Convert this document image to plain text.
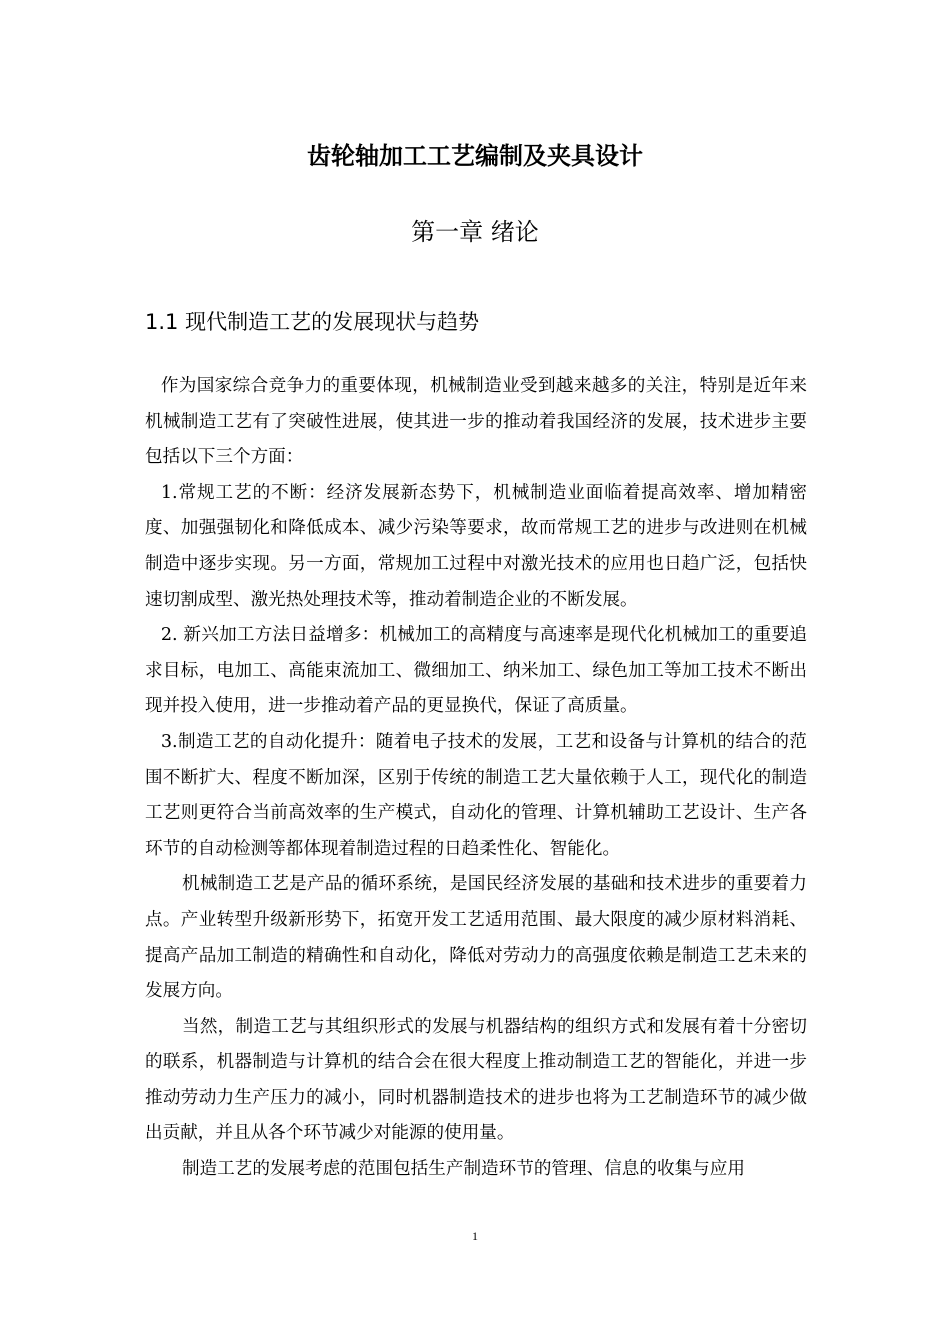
齿轮轴加工工艺编制及夹具设计
第一章 绪论
1.1 现代制造工艺的发展现状与趋势

作为国家综合竞争力的重要体现，机械制造业受到越来越多的关注，特别是近年来机械制造工艺有了突破性进展，使其进一步的推动着我国经济的发展，技术进步主要包括以下三个方面：

1.常规工艺的不断：经济发展新态势下，机械制造业面临着提高效率、增加精密度、加强强韧化和降低成本、减少污染等要求，故而常规工艺的进步与改进则在机械制造中逐步实现。另一方面，常规加工过程中对激光技术的应用也日趋广泛，包括快速切割成型、激光热处理技术等，推动着制造企业的不断发展。

2. 新兴加工方法日益增多：机械加工的高精度与高速率是现代化机械加工的重要追求目标，电加工、高能束流加工、微细加工、纳米加工、绿色加工等加工技术不断出现并投入使用，进一步推动着产品的更显换代，保证了高质量。

3.制造工艺的自动化提升：随着电子技术的发展，工艺和设备与计算机的结合的范围不断扩大、程度不断加深，区别于传统的制造工艺大量依赖于人工，现代化的制造工艺则更符合当前高效率的生产模式，自动化的管理、计算机辅助工艺设计、生产各环节的自动检测等都体现着制造过程的日趋柔性化、智能化。

机械制造工艺是产品的循环系统，是国民经济发展的基础和技术进步的重要着力点。产业转型升级新形势下，拓宽开发工艺适用范围、最大限度的减少原材料消耗、提高产品加工制造的精确性和自动化，降低对劳动力的高强度依赖是制造工艺未来的发展方向。

当然，制造工艺与其组织形式的发展与机器结构的组织方式和发展有着十分密切的联系，机器制造与计算机的结合会在很大程度上推动制造工艺的智能化，并进一步推动劳动力生产压力的减小，同时机器制造技术的进步也将为工艺制造环节的减少做出贡献，并且从各个环节减少对能源的使用量。

制造工艺的发展考虑的范围包括生产制造环节的管理、信息的收集与应用

1
